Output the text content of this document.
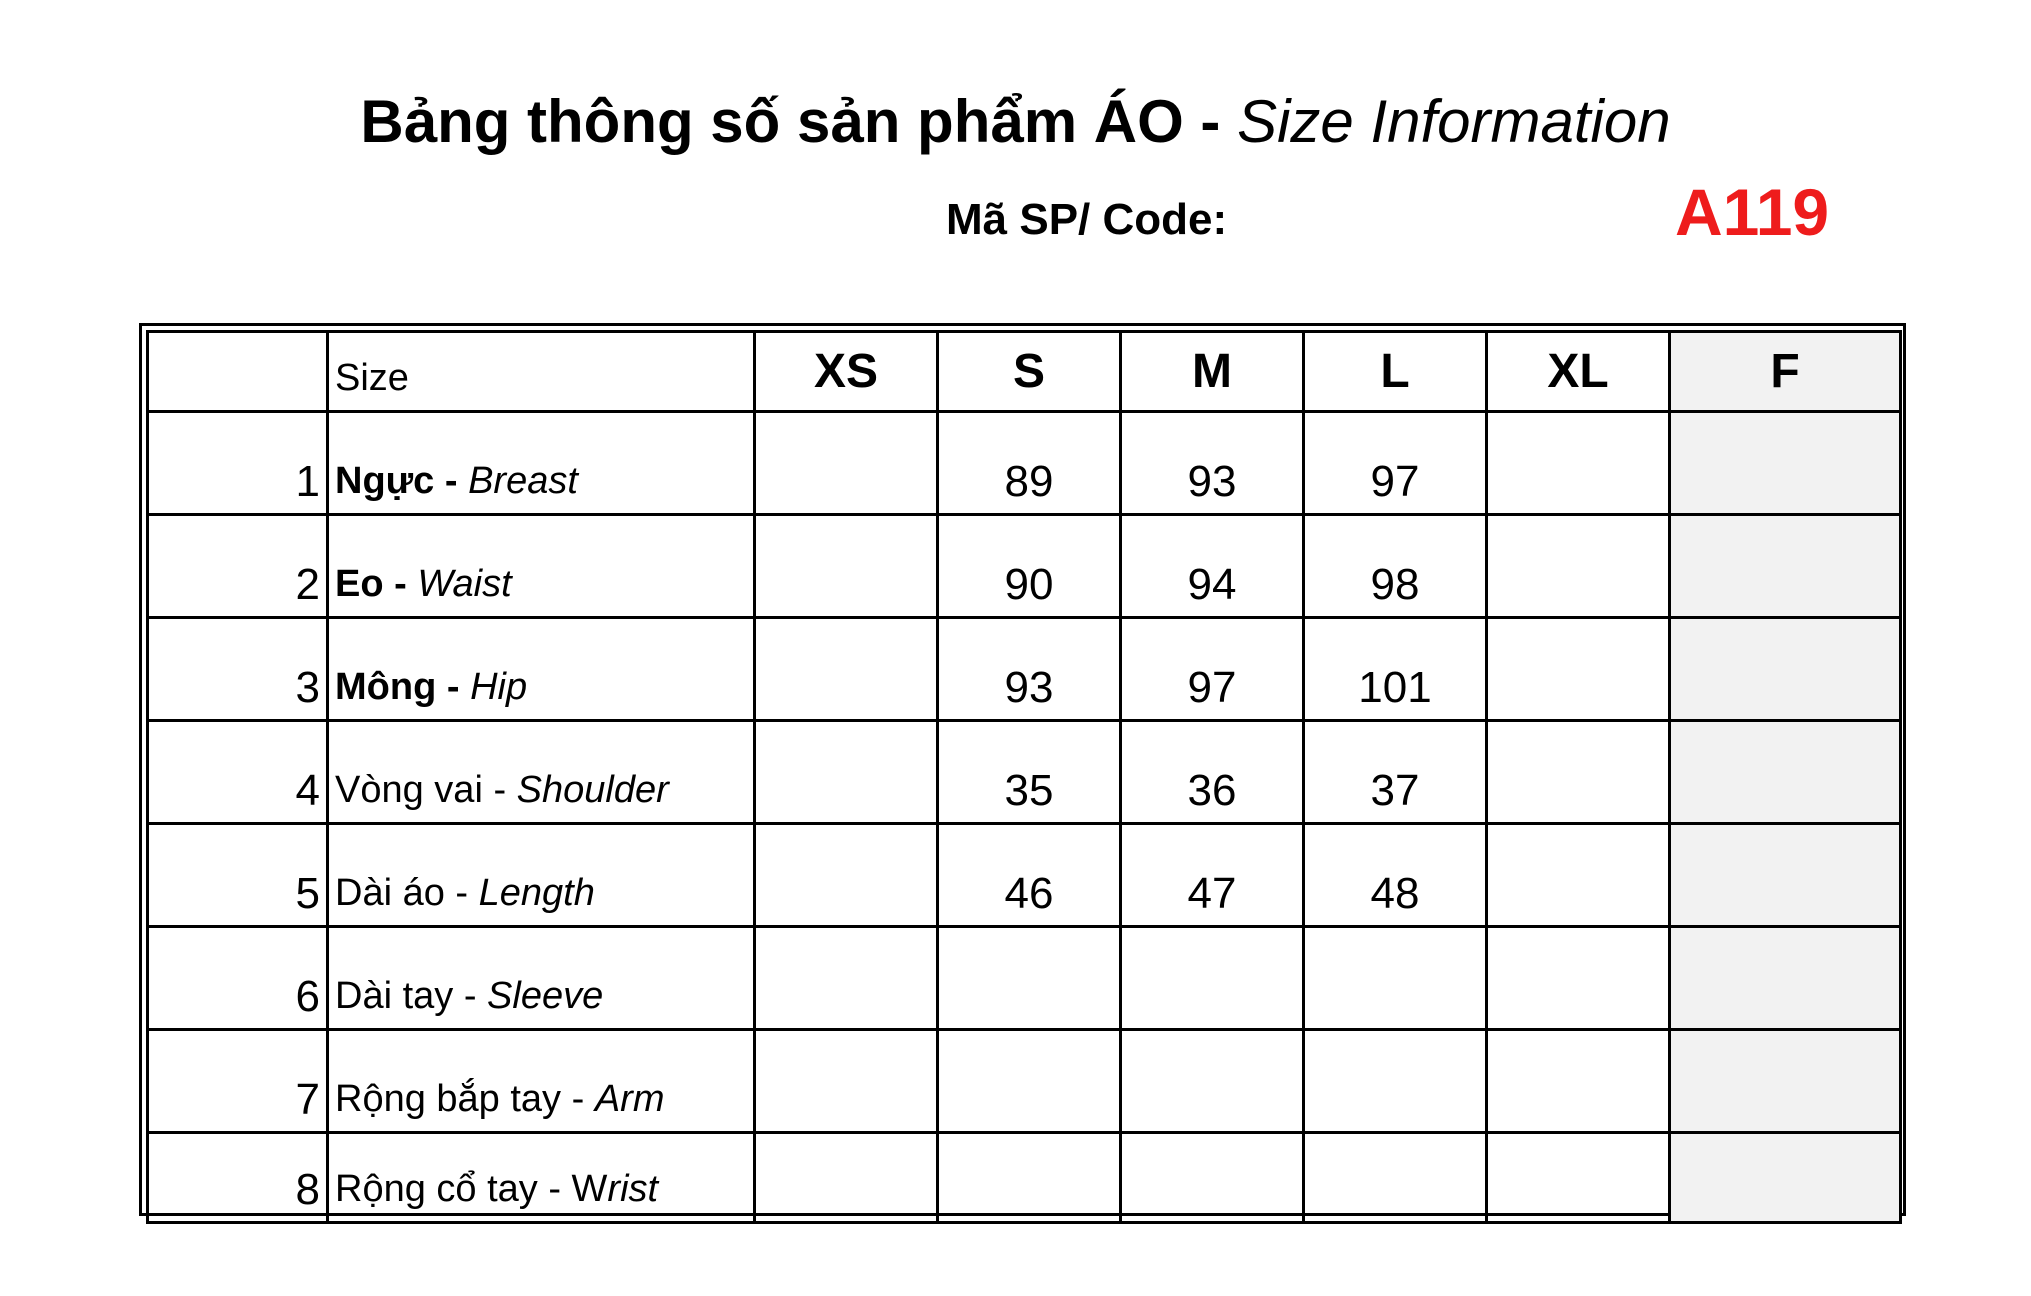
Bảng thông số sản phẩm ÁO - Size Information
Mã SP/ Code:	A119
	Size	XS	S	M	L	XL	F
1	Ngực - Breast		89	93	97		
2	Eo - Waist		90	94	98		
3	Mông - Hip		93	97	101		
4	Vòng vai - Shoulder		35	36	37		
5	Dài áo - Length		46	47	48		
6	Dài tay - Sleeve						
7	Rộng bắp tay - Arm						
8	Rộng cổ tay - Wrist						
